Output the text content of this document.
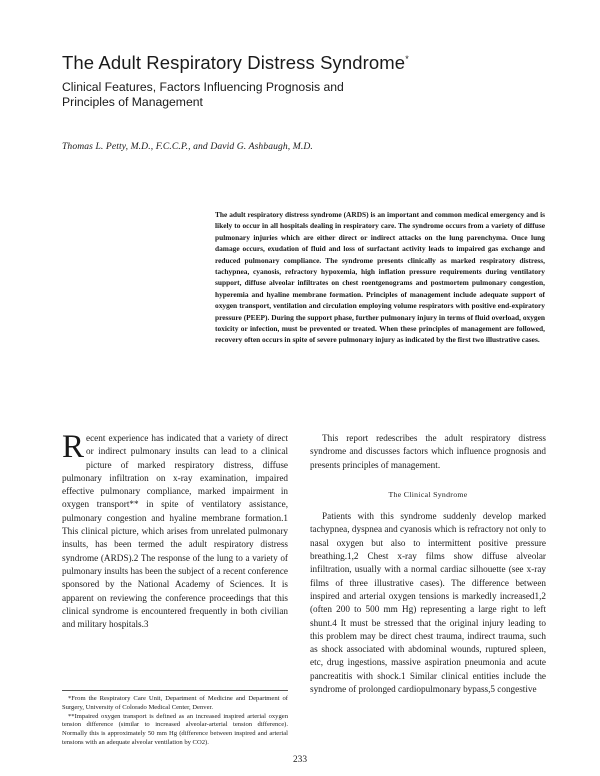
The Adult Respiratory Distress Syndrome*
Clinical Features, Factors Influencing Prognosis and
Principles of Management

Thomas L. Petty, M.D., F.C.C.P., and David G. Ashbaugh, M.D.

The adult respiratory distress syndrome (ARDS) is an important and common medical emergency and is likely to occur in all hospitals dealing in respiratory care. The syndrome occurs from a variety of diffuse pulmonary injuries which are either direct or indirect attacks on the lung parenchyma. Once lung damage occurs, exudation of fluid and loss of surfactant activity leads to impaired gas exchange and reduced pulmonary compliance. The syndrome presents clinically as marked respiratory distress, tachypnea, cyanosis, refractory hypoxemia, high inflation pressure requirements during ventilatory support, diffuse alveolar infiltrates on chest roentgenograms and postmortem pulmonary congestion, hyperemia and hyaline membrane formation. Principles of management include adequate support of oxygen transport, ventilation and circulation employing volume respirators with positive end-expiratory pressure (PEEP). During the support phase, further pulmonary injury in terms of fluid overload, oxygen toxicity or infection, must be prevented or treated. When these principles of management are followed, recovery often occurs in spite of severe pulmonary injury as indicated by the first two illustrative cases.

Recent experience has indicated that a variety of direct or indirect pulmonary insults can lead to a clinical picture of marked respiratory distress, diffuse pulmonary infiltration on x-ray examination, impaired effective pulmonary compliance, marked impairment in oxygen transport** in spite of ventilatory assistance, pulmonary congestion and hyaline membrane formation.1 This clinical picture, which arises from unrelated pulmonary insults, has been termed the adult respiratory distress syndrome (ARDS).2 The response of the lung to a variety of pulmonary insults has been the subject of a recent conference sponsored by the National Academy of Sciences. It is apparent on reviewing the conference proceedings that this clinical syndrome is encountered frequently in both civilian and military hospitals.3

This report redescribes the adult respiratory distress syndrome and discusses factors which influence prognosis and presents principles of management.

The Clinical Syndrome

Patients with this syndrome suddenly develop marked tachypnea, dyspnea and cyanosis which is refractory not only to nasal oxygen but also to intermittent positive pressure breathing.1,2 Chest x-ray films show diffuse alveolar infiltration, usually with a normal cardiac silhouette (see x-ray films of three illustrative cases). The difference between inspired and arterial oxygen tensions is markedly increased1,2 (often 200 to 500 mm Hg) representing a large right to left shunt.4 It must be stressed that the original injury leading to this problem may be direct chest trauma, indirect trauma, such as shock associated with abdominal wounds, ruptured spleen, etc, drug ingestions, massive aspiration pneumonia and acute pancreatitis with shock.1 Similar clinical entities include the syndrome of prolonged cardiopulmonary bypass,5 congestive

*From the Respiratory Care Unit, Department of Medicine and Department of Surgery, University of Colorado Medical Center, Denver.

**Impaired oxygen transport is defined as an increased inspired arterial oxygen tension difference (similar to increased alveolar-arterial tension difference). Normally this is approximately 50 mm Hg (difference between inspired and arterial tensions with an adequate alveolar ventilation by CO2).

233
